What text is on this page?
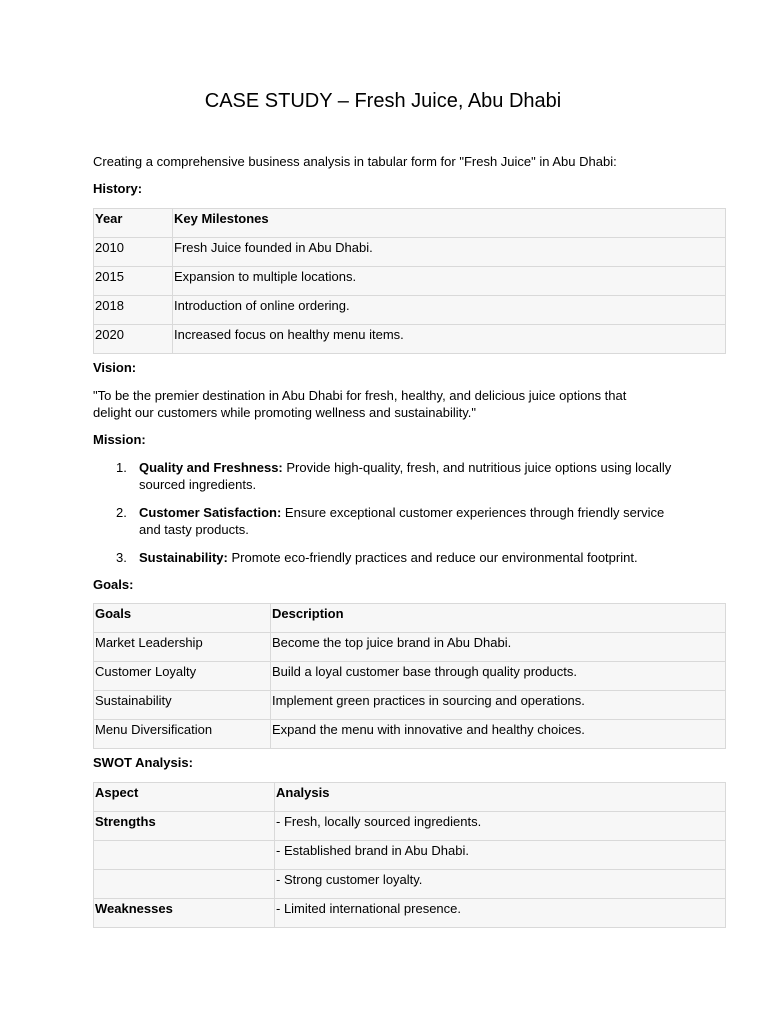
CASE STUDY – Fresh Juice, Abu Dhabi

Creating a comprehensive business analysis in tabular form for "Fresh Juice" in Abu Dhabi:

History:

Year	Key Milestones
2010	Fresh Juice founded in Abu Dhabi.
2015	Expansion to multiple locations.
2018	Introduction of online ordering.
2020	Increased focus on healthy menu items.

Vision:

"To be the premier destination in Abu Dhabi for fresh, healthy, and delicious juice options that delight our customers while promoting wellness and sustainability."

Mission:

1. Quality and Freshness: Provide high-quality, fresh, and nutritious juice options using locally sourced ingredients.
2. Customer Satisfaction: Ensure exceptional customer experiences through friendly service and tasty products.
3. Sustainability: Promote eco-friendly practices and reduce our environmental footprint.

Goals:

Goals	Description
Market Leadership	Become the top juice brand in Abu Dhabi.
Customer Loyalty	Build a loyal customer base through quality products.
Sustainability	Implement green practices in sourcing and operations.
Menu Diversification	Expand the menu with innovative and healthy choices.

SWOT Analysis:

Aspect	Analysis
Strengths	- Fresh, locally sourced ingredients.
	- Established brand in Abu Dhabi.
	- Strong customer loyalty.
Weaknesses	- Limited international presence.
